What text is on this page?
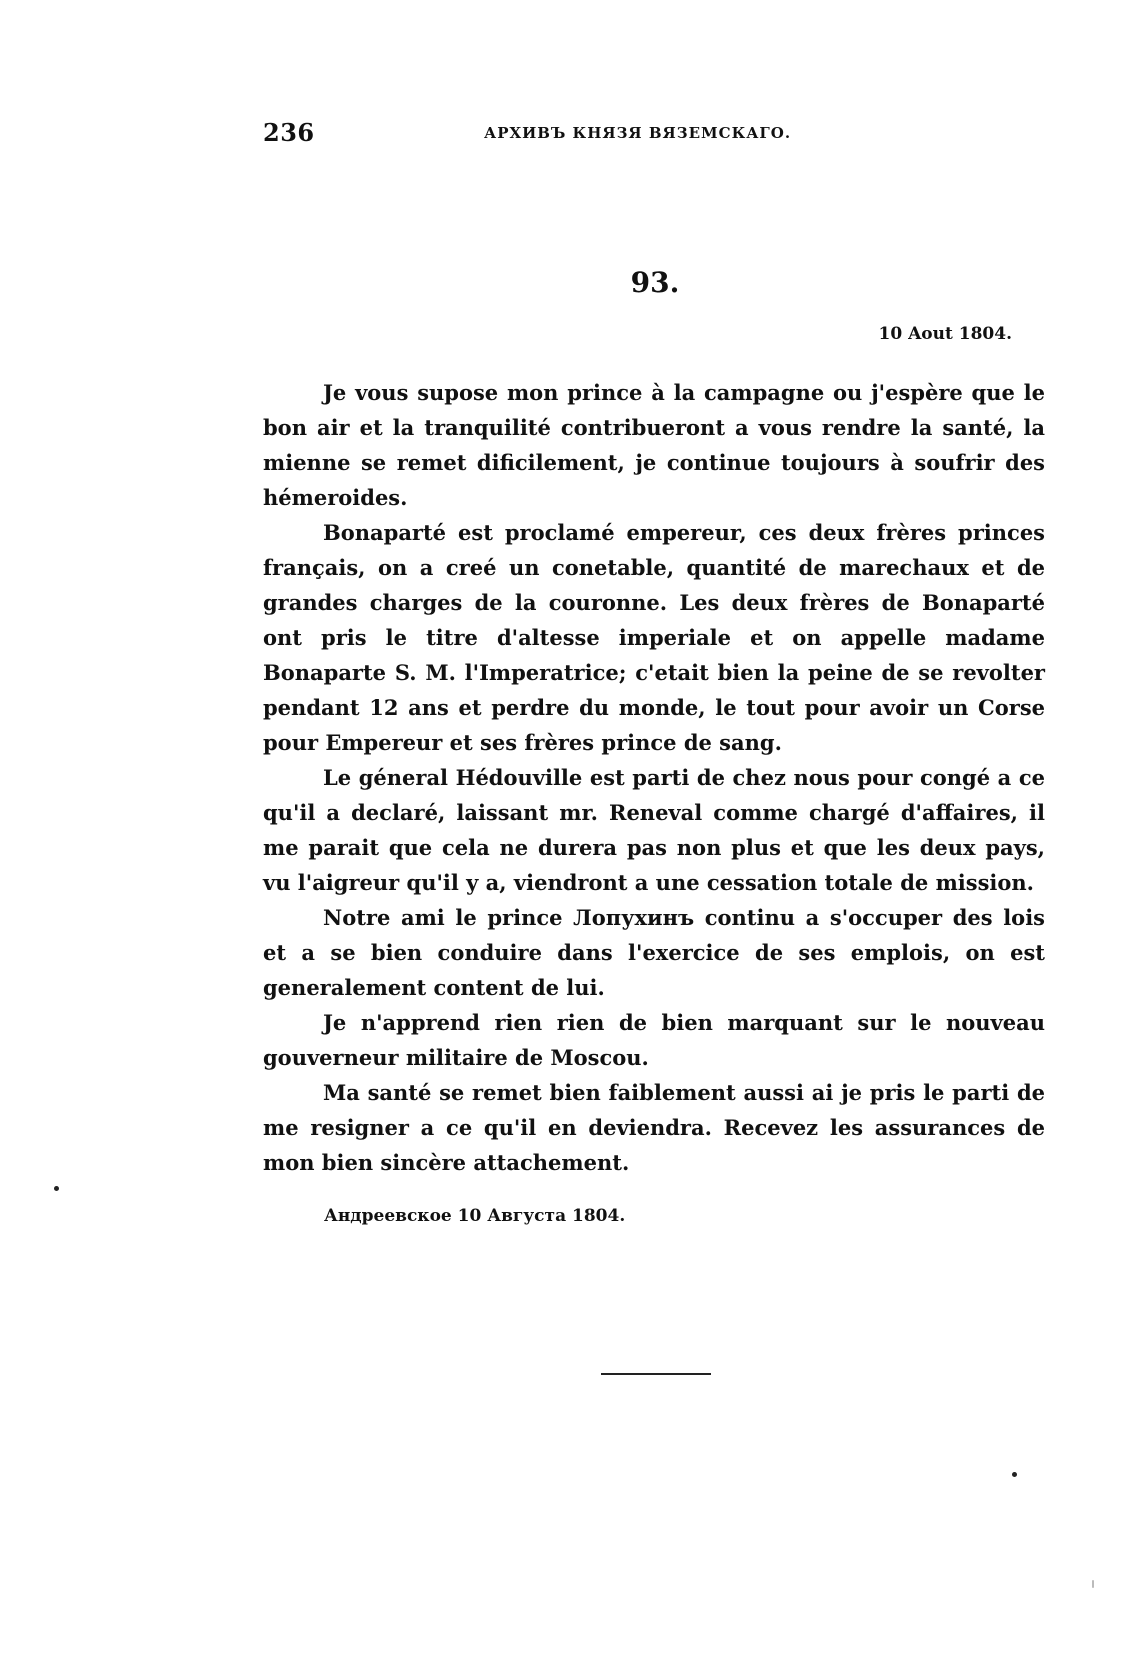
236	АРХИВЪ КНЯЗЯ ВЯЗЕМСКАГО.
93.
10 Aout 1804.

Je vous supose mon prince à la campagne ou j'espère que le bon air et la tranquilité contribueront a vous rendre la santé, la mienne se remet dificilement, je continue toujours à soufrir des hémeroides.

Bonaparté est proclamé empereur, ces deux frères princes français, on a creé un conetable, quantité de marechaux et de grandes charges de la couronne. Les deux frères de Bonaparté ont pris le titre d'altesse imperiale et on appelle madame Bonaparte S. M. l'Imperatrice; c'etait bien la peine de se revolter pendant 12 ans et perdre du monde, le tout pour avoir un Corse pour Empereur et ses frères prince de sang.

Le géneral Hédouville est parti de chez nous pour congé a ce qu'il a declaré, laissant mr. Reneval comme chargé d'affaires, il me parait que cela ne durera pas non plus et que les deux pays, vu l'aigreur qu'il y a, viendront a une cessation totale de mission.

Notre ami le prince Лопухинъ continu a s'occuper des lois et a se bien conduire dans l'exercice de ses emplois, on est generalement content de lui.

Je n'apprend rien rien de bien marquant sur le nouveau gouverneur militaire de Moscou.

Ma santé se remet bien faiblement aussi ai je pris le parti de me resigner a ce qu'il en deviendra. Recevez les assurances de mon bien sincère attachement.

Андреевское 10 Августа 1804.
